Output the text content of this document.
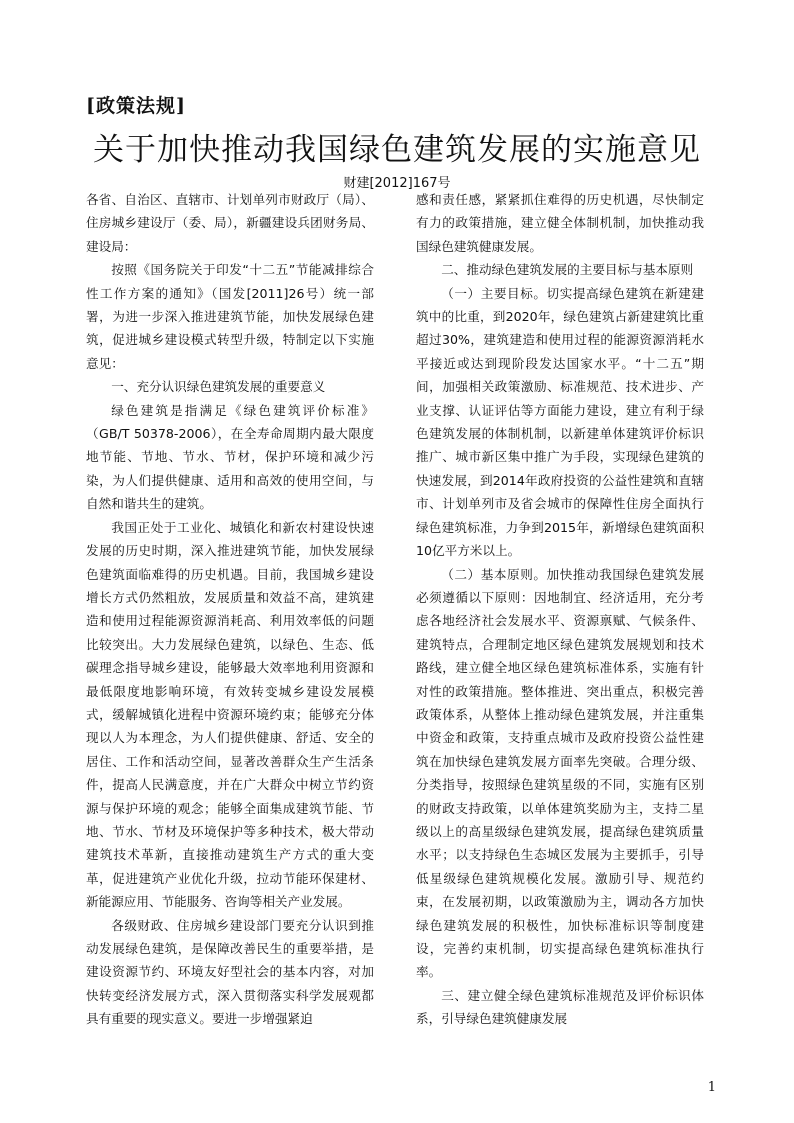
[政策法规]
关于加快推动我国绿色建筑发展的实施意见
财建[2012]167号

各省、自治区、直辖市、计划单列市财政厅（局）、住房城乡建设厅（委、局），新疆建设兵团财务局、建设局：

按照《国务院关于印发“十二五”节能减排综合性工作方案的通知》（国发[2011]26号）统一部署，为进一步深入推进建筑节能，加快发展绿色建筑，促进城乡建设模式转型升级，特制定以下实施意见：

一、充分认识绿色建筑发展的重要意义

绿色建筑是指满足《绿色建筑评价标准》（GB/T 50378-2006），在全寿命周期内最大限度地节能、节地、节水、节材，保护环境和减少污染，为人们提供健康、适用和高效的使用空间，与自然和谐共生的建筑。

我国正处于工业化、城镇化和新农村建设快速发展的历史时期，深入推进建筑节能，加快发展绿色建筑面临难得的历史机遇。目前，我国城乡建设增长方式仍然粗放，发展质量和效益不高，建筑建造和使用过程能源资源消耗高、利用效率低的问题比较突出。大力发展绿色建筑，以绿色、生态、低碳理念指导城乡建设，能够最大效率地利用资源和最低限度地影响环境，有效转变城乡建设发展模式，缓解城镇化进程中资源环境约束；能够充分体现以人为本理念，为人们提供健康、舒适、安全的居住、工作和活动空间，显著改善群众生产生活条件，提高人民满意度，并在广大群众中树立节约资源与保护环境的观念；能够全面集成建筑节能、节地、节水、节材及环境保护等多种技术，极大带动建筑技术革新，直接推动建筑生产方式的重大变革，促进建筑产业优化升级，拉动节能环保建材、新能源应用、节能服务、咨询等相关产业发展。

各级财政、住房城乡建设部门要充分认识到推动发展绿色建筑，是保障改善民生的重要举措，是建设资源节约、环境友好型社会的基本内容，对加快转变经济发展方式，深入贯彻落实科学发展观都具有重要的现实意义。要进一步增强紧迫

感和责任感，紧紧抓住难得的历史机遇，尽快制定有力的政策措施，建立健全体制机制，加快推动我国绿色建筑健康发展。

二、推动绿色建筑发展的主要目标与基本原则

（一）主要目标。切实提高绿色建筑在新建建筑中的比重，到2020年，绿色建筑占新建建筑比重超过30%，建筑建造和使用过程的能源资源消耗水平接近或达到现阶段发达国家水平。“十二五”期间，加强相关政策激励、标准规范、技术进步、产业支撑、认证评估等方面能力建设，建立有利于绿色建筑发展的体制机制，以新建单体建筑评价标识推广、城市新区集中推广为手段，实现绿色建筑的快速发展，到2014年政府投资的公益性建筑和直辖市、计划单列市及省会城市的保障性住房全面执行绿色建筑标准，力争到2015年，新增绿色建筑面积10亿平方米以上。

（二）基本原则。加快推动我国绿色建筑发展必须遵循以下原则：因地制宜、经济适用，充分考虑各地经济社会发展水平、资源禀赋、气候条件、建筑特点，合理制定地区绿色建筑发展规划和技术路线，建立健全地区绿色建筑标准体系，实施有针对性的政策措施。整体推进、突出重点，积极完善政策体系，从整体上推动绿色建筑发展，并注重集中资金和政策，支持重点城市及政府投资公益性建筑在加快绿色建筑发展方面率先突破。合理分级、分类指导，按照绿色建筑星级的不同，实施有区别的财政支持政策，以单体建筑奖励为主，支持二星级以上的高星级绿色建筑发展，提高绿色建筑质量水平；以支持绿色生态城区发展为主要抓手，引导低星级绿色建筑规模化发展。激励引导、规范约束，在发展初期，以政策激励为主，调动各方加快绿色建筑发展的积极性，加快标准标识等制度建设，完善约束机制，切实提高绿色建筑标准执行率。

三、建立健全绿色建筑标准规范及评价标识体系，引导绿色建筑健康发展

1
